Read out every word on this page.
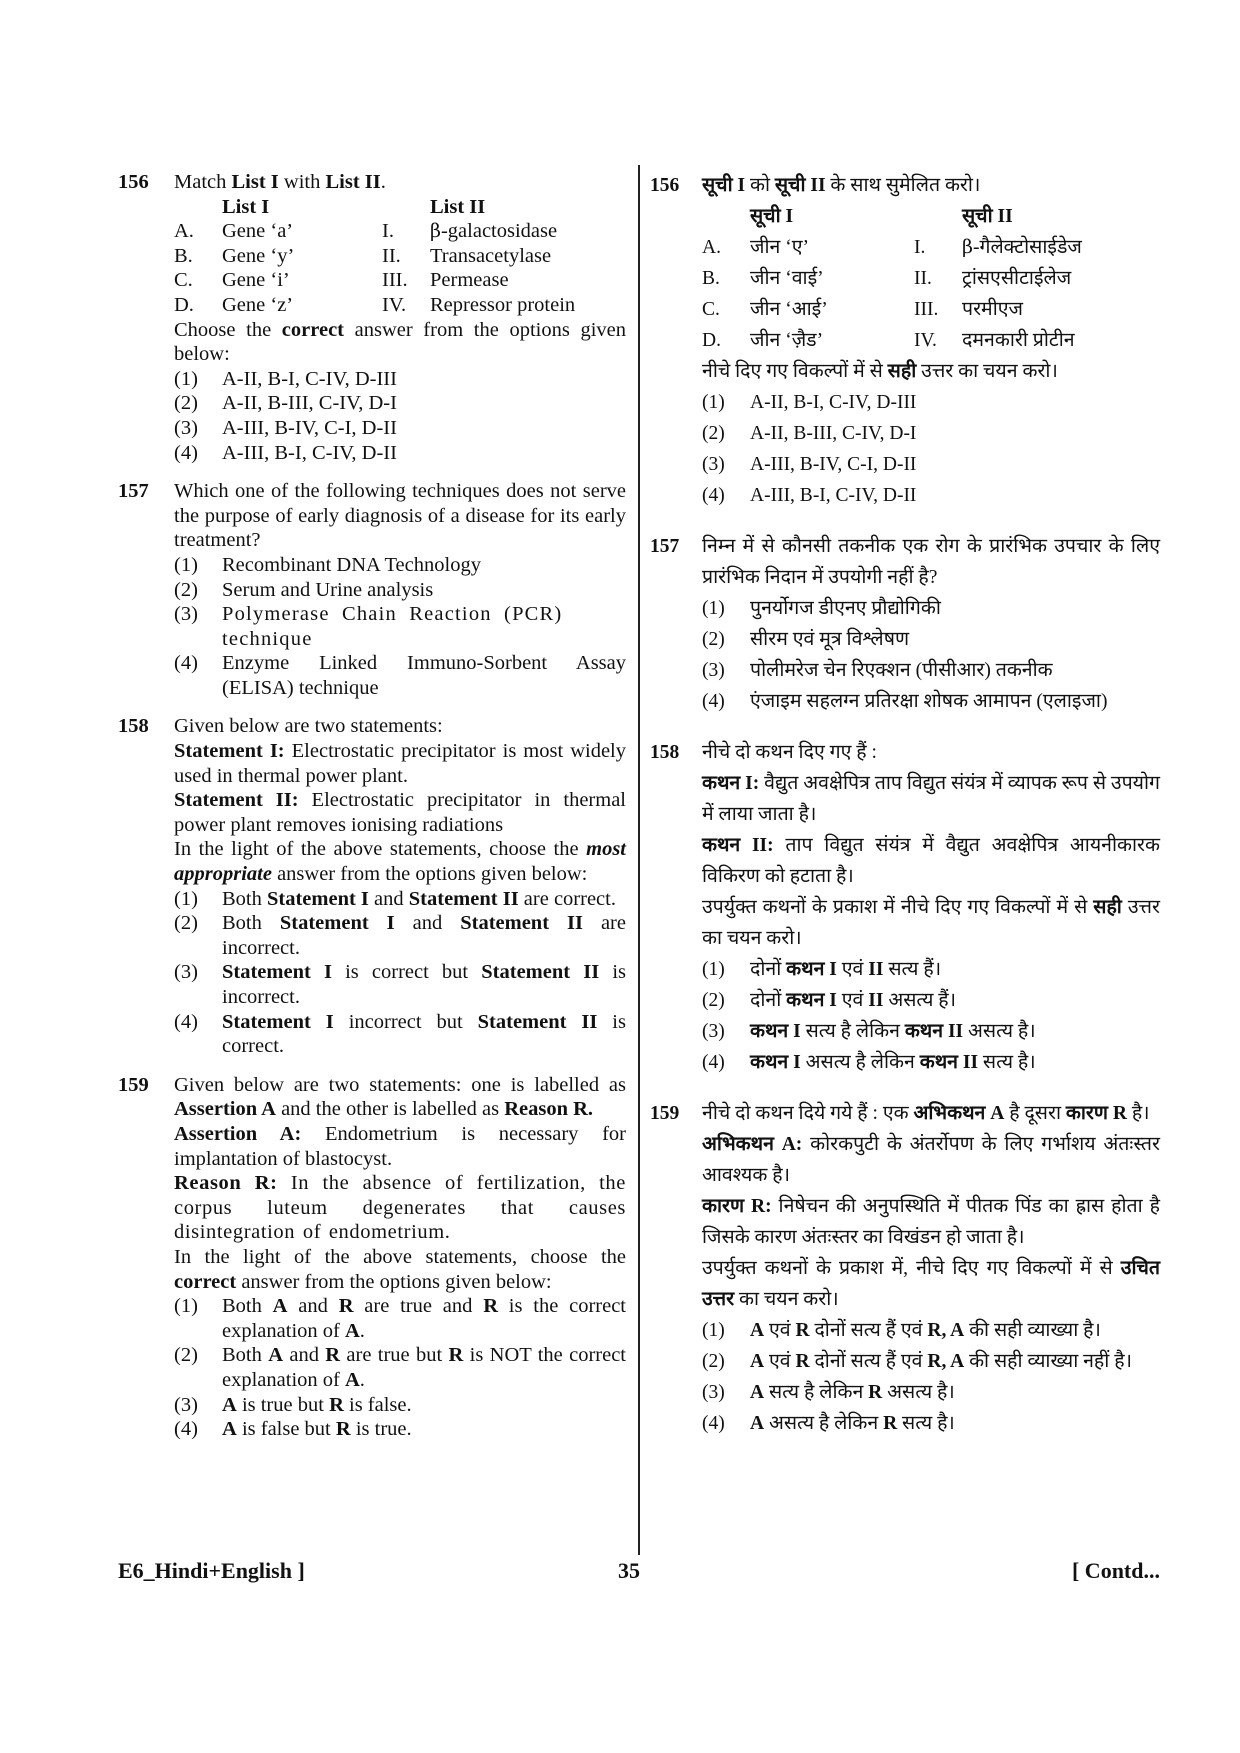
156	Match List I with List II.
List I	List II
A.	Gene ‘a’	I.	β-galactosidase
B.	Gene ‘y’	II.	Transacetylase
C.	Gene ‘i’	III.	Permease
D.	Gene ‘z’	IV.	Repressor protein
Choose the correct answer from the options given below:
(1)	A-II, B-I, C-IV, D-III
(2)	A-II, B-III, C-IV, D-I
(3)	A-III, B-IV, C-I, D-II
(4)	A-III, B-I, C-IV, D-II
157	Which one of the following techniques does not serve the purpose of early diagnosis of a disease for its early treatment?
(1)	Recombinant DNA Technology
(2)	Serum and Urine analysis
(3)	Polymerase Chain Reaction (PCR) technique
(4)	Enzyme Linked Immuno-Sorbent Assay (ELISA) technique
158	Given below are two statements:
Statement I: Electrostatic precipitator is most widely used in thermal power plant.
Statement II: Electrostatic precipitator in thermal power plant removes ionising radiations
In the light of the above statements, choose the most appropriate answer from the options given below:
(1)	Both Statement I and Statement II are correct.
(2)	Both Statement I and Statement II are incorrect.
(3)	Statement I is correct but Statement II is incorrect.
(4)	Statement I incorrect but Statement II is correct.
159	Given below are two statements: one is labelled as Assertion A and the other is labelled as Reason R.
Assertion A: Endometrium is necessary for implantation of blastocyst.
Reason R: In the absence of fertilization, the corpus luteum degenerates that causes disintegration of endometrium.
In the light of the above statements, choose the correct answer from the options given below:
(1)	Both A and R are true and R is the correct explanation of A.
(2)	Both A and R are true but R is NOT the correct explanation of A.
(3)	A is true but R is false.
(4)	A is false but R is true.
156	सूची I को सूची II के साथ सुमेलित करो।
सूची I	सूची II
A.	जीन ‘ए’	I.	β-गैलेक्टोसाईडेज
B.	जीन ‘वाई’	II.	ट्रांसएसीटाईलेज
C.	जीन ‘आई’	III.	परमीएज
D.	जीन ‘ज़ैड’	IV.	दमनकारी प्रोटीन
नीचे दिए गए विकल्पों में से सही उत्तर का चयन करो।
(1)	A-II, B-I, C-IV, D-III
(2)	A-II, B-III, C-IV, D-I
(3)	A-III, B-IV, C-I, D-II
(4)	A-III, B-I, C-IV, D-II
157	निम्न में से कौनसी तकनीक एक रोग के प्रारंभिक उपचार के लिए प्रारंभिक निदान में उपयोगी नहीं है?
(1)	पुनर्योगज डीएनए प्रौद्योगिकी
(2)	सीरम एवं मूत्र विश्लेषण
(3)	पोलीमरेज चेन रिएक्शन (पीसीआर) तकनीक
(4)	एंजाइम सहलग्न प्रतिरक्षा शोषक आमापन (एलाइजा)
158	नीचे दो कथन दिए गए हैं :
कथन I: वैद्युत अवक्षेपित्र ताप विद्युत संयंत्र में व्यापक रूप से उपयोग में लाया जाता है।
कथन II: ताप विद्युत संयंत्र में वैद्युत अवक्षेपित्र आयनीकारक विकिरण को हटाता है।
उपर्युक्त कथनों के प्रकाश में नीचे दिए गए विकल्पों में से सही उत्तर का चयन करो।
(1)	दोनों कथन I एवं II सत्य हैं।
(2)	दोनों कथन I एवं II असत्य हैं।
(3)	कथन I सत्य है लेकिन कथन II असत्य है।
(4)	कथन I असत्य है लेकिन कथन II सत्य है।
159	नीचे दो कथन दिये गये हैं : एक अभिकथन A है दूसरा कारण R है।
अभिकथन A: कोरकपुटी के अंतर्रोपण के लिए गर्भाशय अंतःस्तर आवश्यक है।
कारण R: निषेचन की अनुपस्थिति में पीतक पिंड का ह्रास होता है जिसके कारण अंतःस्तर का विखंडन हो जाता है।
उपर्युक्त कथनों के प्रकाश में, नीचे दिए गए विकल्पों में से उचित उत्तर का चयन करो।
(1)	A एवं R दोनों सत्य हैं एवं R, A की सही व्याख्या है।
(2)	A एवं R दोनों सत्य हैं एवं R, A की सही व्याख्या नहीं है।
(3)	A सत्य है लेकिन R असत्य है।
(4)	A असत्य है लेकिन R सत्य है।
E6_Hindi+English ]	35	[ Contd...
